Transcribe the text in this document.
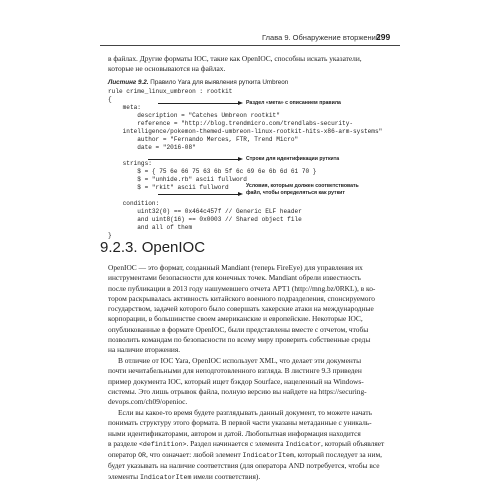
Глава 9. Обнаружение вторжений
299
в файлах. Другие форматы IOC, такие как OpenIOC, способны искать указатели,
которые не основываются на файлах.
Листинг 9.2. Правило Yara для выявления руткита Umbreon
rule crime_linux_umbreon : rootkit
{
meta:
description = "Catches Umbreon rootkit"
reference = "http://blog.trendmicro.com/trendlabs-security-
intelligence/pokemon-themed-umbreon-linux-rootkit-hits-x86-arm-systems"
author = "Fernando Merces, FTR, Trend Micro"
date = "2016-08"
strings:
$ = { 75 6e 66 75 63 6b 5f 6c 69 6e 6b 6d 61 70 }
$ = "unhide.rb" ascii fullword
$ = "rkit" ascii fullword
condition:
uint32(0) == 0x464c457f // Generic ELF header
and uint8(16) == 0x0003 // Shared object file
and all of them
}
Раздел «мета» с описанием правила
Строки для идентификации руткита
Условия, которым должен соответствовать
файл, чтобы определяться как руткит
9.2.3. OpenIOC
OpenIOC — это формат, созданный Mandiant (теперь FireEye) для управления их
инструментами безопасности для конечных точек. Mandiant обрели известность
после публикации в 2013 году нашумевшего отчета APT1 (http://mng.bz/0RKL), в ко-
тором раскрывалась активность китайского военного подразделения, спонсируемого
государством, задачей которого было совершать хакерские атаки на международные
корпорации, в большинстве своем американские и европейские. Некоторые IOC,
опубликованные в формате OpenIOC, были представлены вместе с отчетом, чтобы
позволить командам по безопасности по всему миру проверить собственные среды
на наличие вторжения.
В отличие от IOC Yara, OpenIOC использует XML, что делает эти документы
почти нечитабельными для неподготовленного взгляда. В листинге 9.3 приведен
пример документа IOC, который ищет бэкдор Sourface, нацеленный на Windows-
системы. Это лишь отрывок файла, полную версию вы найдете на https://securing-
devops.com/ch09/openioc.
Если вы какое-то время будете разглядывать данный документ, то можете начать
понимать структуру этого формата. В первой части указаны метаданные с уникаль-
ными идентификаторами, автором и датой. Любопытная информация находится
в разделе <definition>. Раздел начинается с элемента Indicator, который объявляет
оператор OR, что означает: любой элемент IndicatorItem, который последует за ним,
будет указывать на наличие соответствия (для оператора AND потребуется, чтобы все
элементы IndicatorItem имели соответствия).
